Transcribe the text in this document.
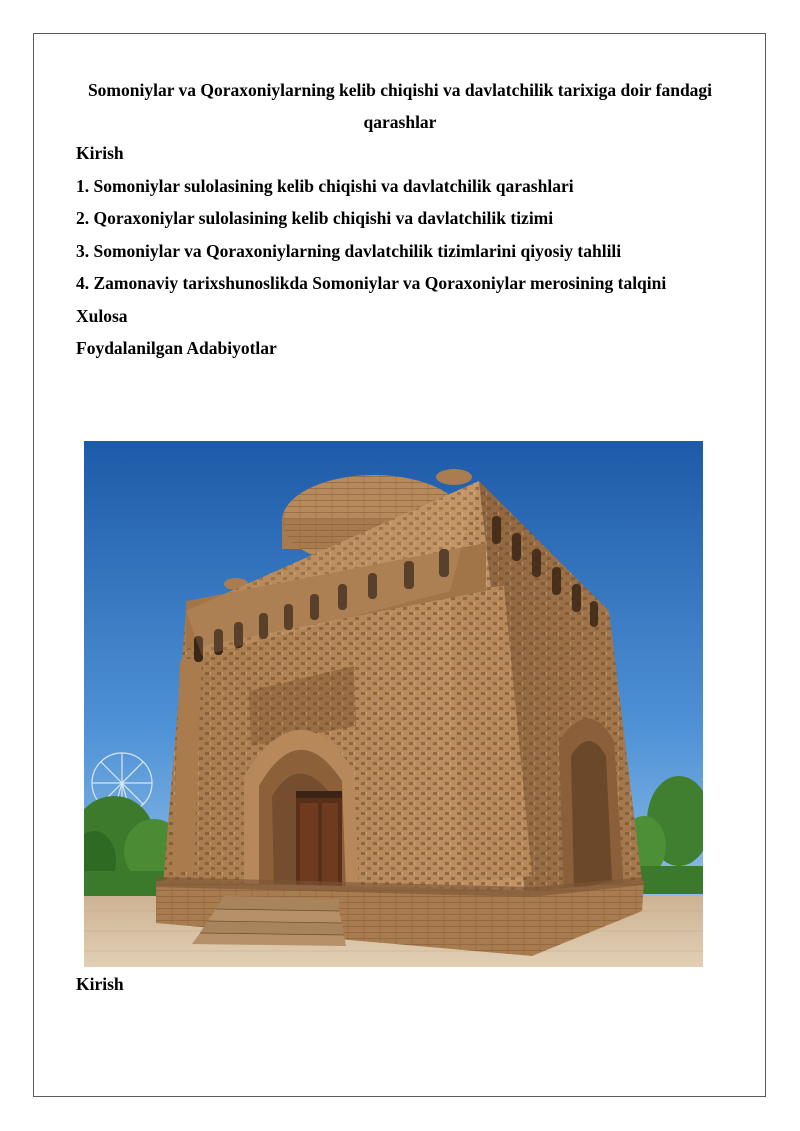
Somoniylar va Qoraxoniylarning kelib chiqishi va davlatchilik tarixiga doir fandagi qarashlar
Kirish
1. Somoniylar sulolasining kelib chiqishi va davlatchilik qarashlari
2. Qoraxoniylar sulolasining kelib chiqishi va davlatchilik tizimi
3. Somoniylar va Qoraxoniylarning davlatchilik tizimlarini qiyosiy tahlili
4. Zamonaviy tarixshunoslikda Somoniylar va Qoraxoniylar merosining talqini
Xulosa
Foydalanilgan Adabiyotlar
Kirish
